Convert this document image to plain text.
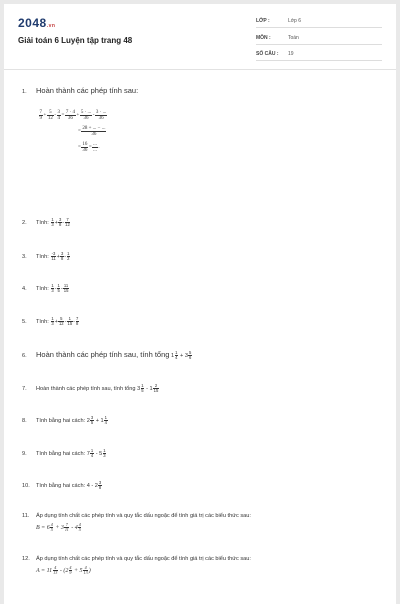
2048.vn
Giải toán 6 Luyện tập trang 48
LỚP :	Lớp 6
MÔN :	Toán
SỐ CÂU : 19
1. Hoàn thành các phép tính sau:
$\frac{7}{9} + \frac{5}{12} - \frac{3}{4} = \frac{7 \cdot 4}{36} + \frac{5 \cdot ...}{36} - \frac{3 \cdot ...}{36}$
= $\frac{28 + ... - ...}{36}$
= $\frac{16}{36} = \frac{...}{...}$ .
2. Tính: $\frac{1}{3} + \frac{3}{8} - \frac{7}{12}$
3. Tính: $\frac{-3}{11} + \frac{3}{8} - \frac{1}{2}$
4. Tính: $\frac{1}{3} - \frac{1}{5} - \frac{11}{15}$
5. Tính: $\frac{1}{3} + \frac{5}{12} - \frac{1}{15} - \frac{7}{8}$
6. Hoàn thành các phép tính sau, tính tổng $1 \frac{1}{4} + 3 \frac{5}{6}$
7. Hoàn thành các phép tính sau, tính tổng $3 \frac{1}{5} - 1 \frac{2}{15}$
8. Tính bằng hai cách: $2 \frac{3}{5} + 1 \frac{1}{4}$
9. Tính bằng hai cách: $7 \frac{1}{4} - 5 \frac{1}{3}$
10. Tính bằng hai cách: $4 - 2 \frac{3}{8}$
11. Áp dụng tính chất các phép tính và quy tắc dấu ngoặc để tính giá trị các biểu thức sau:
$B = 6 \frac{4}{5} + 3 \frac{7}{11} - 4 \frac{4}{5}$
12. Áp dụng tính chất các phép tính và quy tắc dấu ngoặc để tính giá trị các biểu thức sau:
$A = 11 \frac{4}{13} - (2 \frac{4}{9} + 5 \frac{4}{13}$ )
